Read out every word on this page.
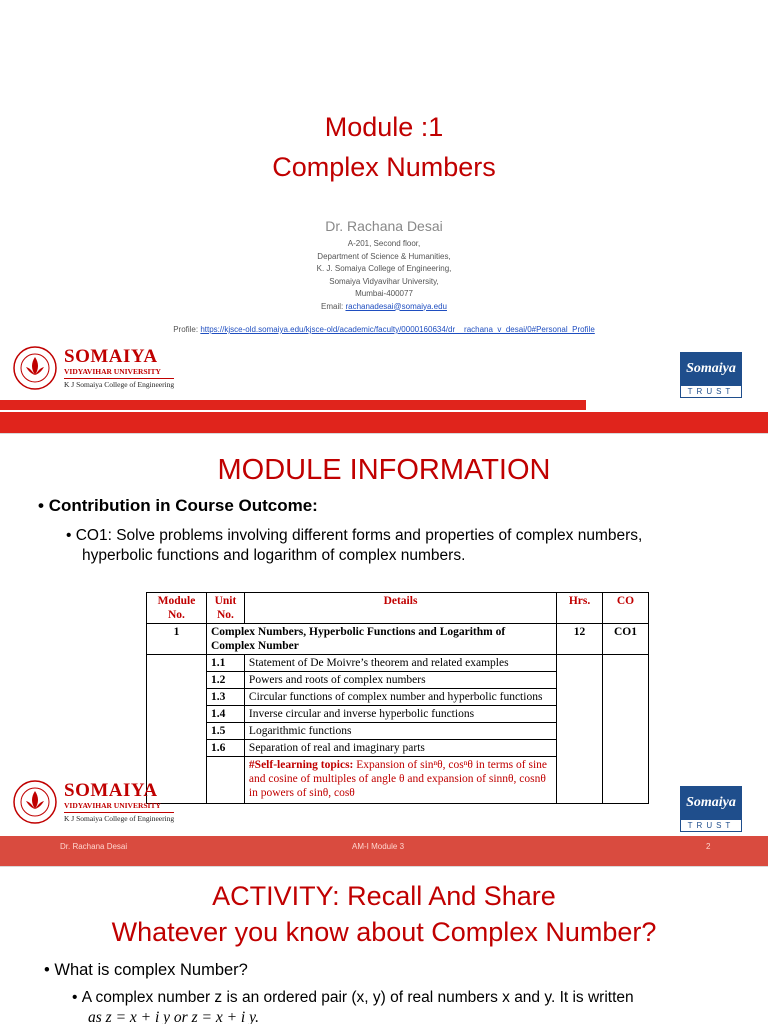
Module :1
Complex Numbers
Dr. Rachana Desai
A-201, Second floor,
Department of Science & Humanities,
K. J. Somaiya College of Engineering,
Somaiya Vidyavihar University,
Mumbai-400077
Email: rachanadesai@somaiya.edu
Profile: https://kjsce-old.somaiya.edu/kjsce-old/academic/faculty/0000160634/dr__rachana_v_desai/0#Personal_Profile
SOMAIYA
VIDYAVIHAR UNIVERSITY
K J Somaiya College of Engineering
Somaiya
TRUST
MODULE INFORMATION
• Contribution in Course Outcome:
• CO1: Solve problems involving different forms and properties of complex numbers, hyperbolic functions and logarithm of complex numbers.
Module No.	Unit No.	Details	Hrs.	CO
1	Complex Numbers, Hyperbolic Functions and Logarithm of Complex Number		12	CO1
	1.1	Statement of De Moivre’s theorem and related examples		
	1.2	Powers and roots of complex numbers		
	1.3	Circular functions of complex number and hyperbolic functions		
	1.4	Inverse circular and inverse hyperbolic functions		
	1.5	Logarithmic functions		
	1.6	Separation of real and imaginary parts		
		#Self-learning topics: Expansion of sinⁿθ, cosⁿθ in terms of sine and cosine of multiples of angle θ and expansion of sinnθ, cosnθ in powers of sinθ, cosθ		
SOMAIYA
VIDYAVIHAR UNIVERSITY
K J Somaiya College of Engineering
Somaiya
TRUST
Dr. Rachana Desai	AM-I Module 3	2
ACTIVITY: Recall And Share
Whatever you know about Complex Number?
• What is complex Number?
• A complex number z is an ordered pair (x, y) of real numbers x and y. It is written
as z = x + i y or z = x + i y.
